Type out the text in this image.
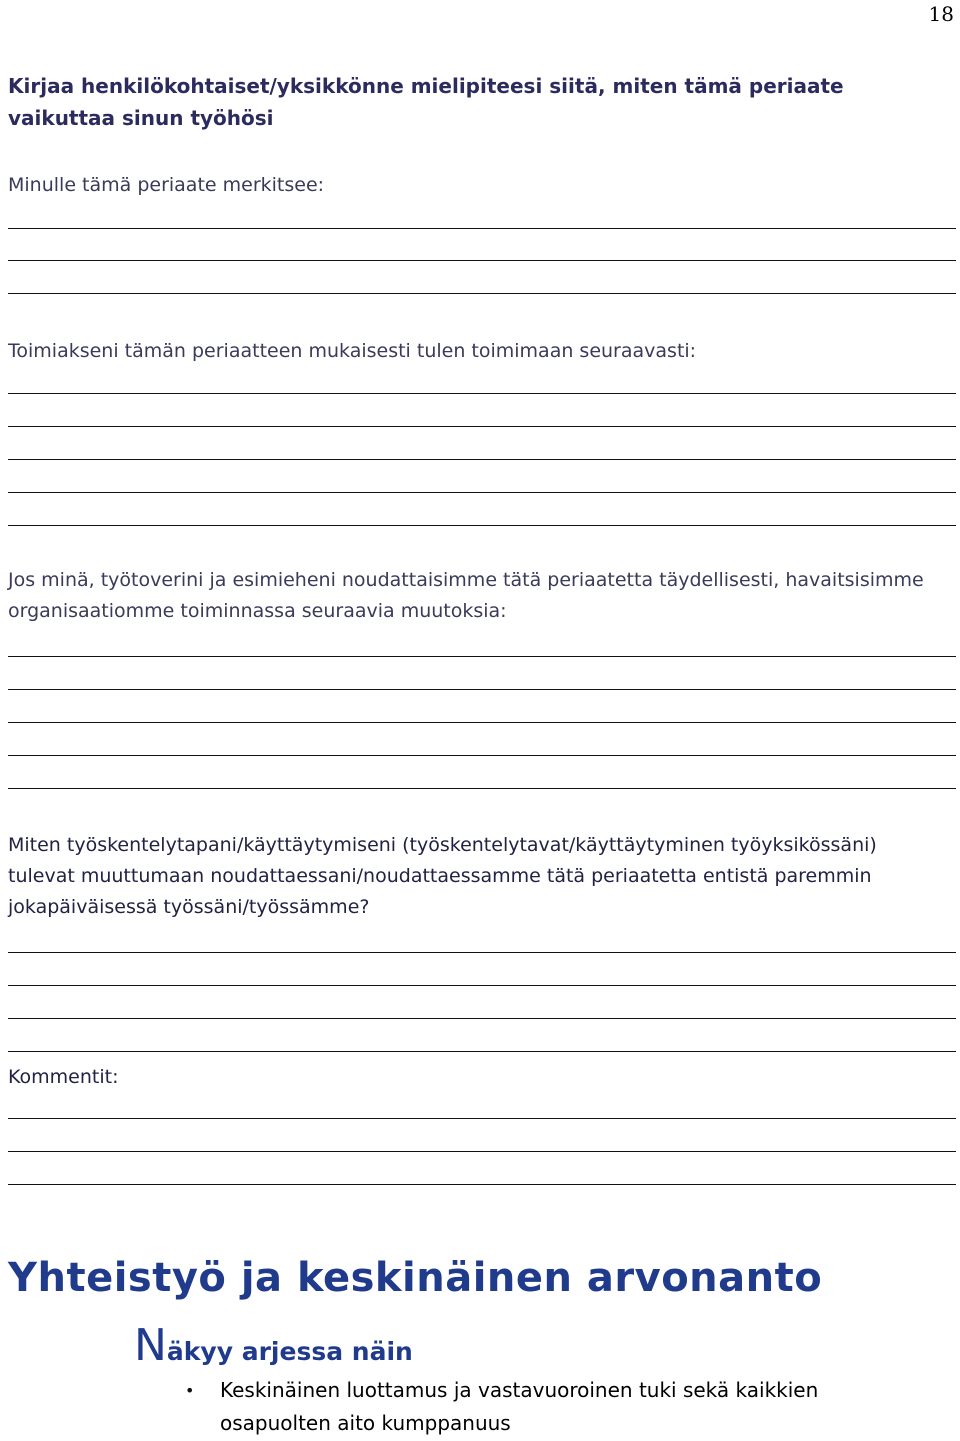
18
Kirjaa henkilökohtaiset/yksikkönne mielipiteesi siitä, miten tämä periaate vaikuttaa sinun työhösi
Minulle tämä periaate merkitsee:
Toimiakseni tämän periaatteen mukaisesti tulen toimimaan seuraavasti:
Jos minä, työtoverini ja esimieheni noudattaisimme tätä periaatetta täydellisesti, havaitsisimme organisaatiomme toiminnassa seuraavia muutoksia:
Miten työskentelytapani/käyttäytymiseni (työskentelytavat/käyttäytyminen työyksikössäni) tulevat muuttumaan noudattaessani/noudattaessamme tätä periaatetta entistä paremmin jokapäiväisessä työssäni/työssämme?
Kommentit:
Yhteistyö ja keskinäinen arvonanto
Näkyy arjessa näin
• Keskinäinen luottamus ja vastavuoroinen tuki sekä kaikkien osapuolten aito kumppanuus
